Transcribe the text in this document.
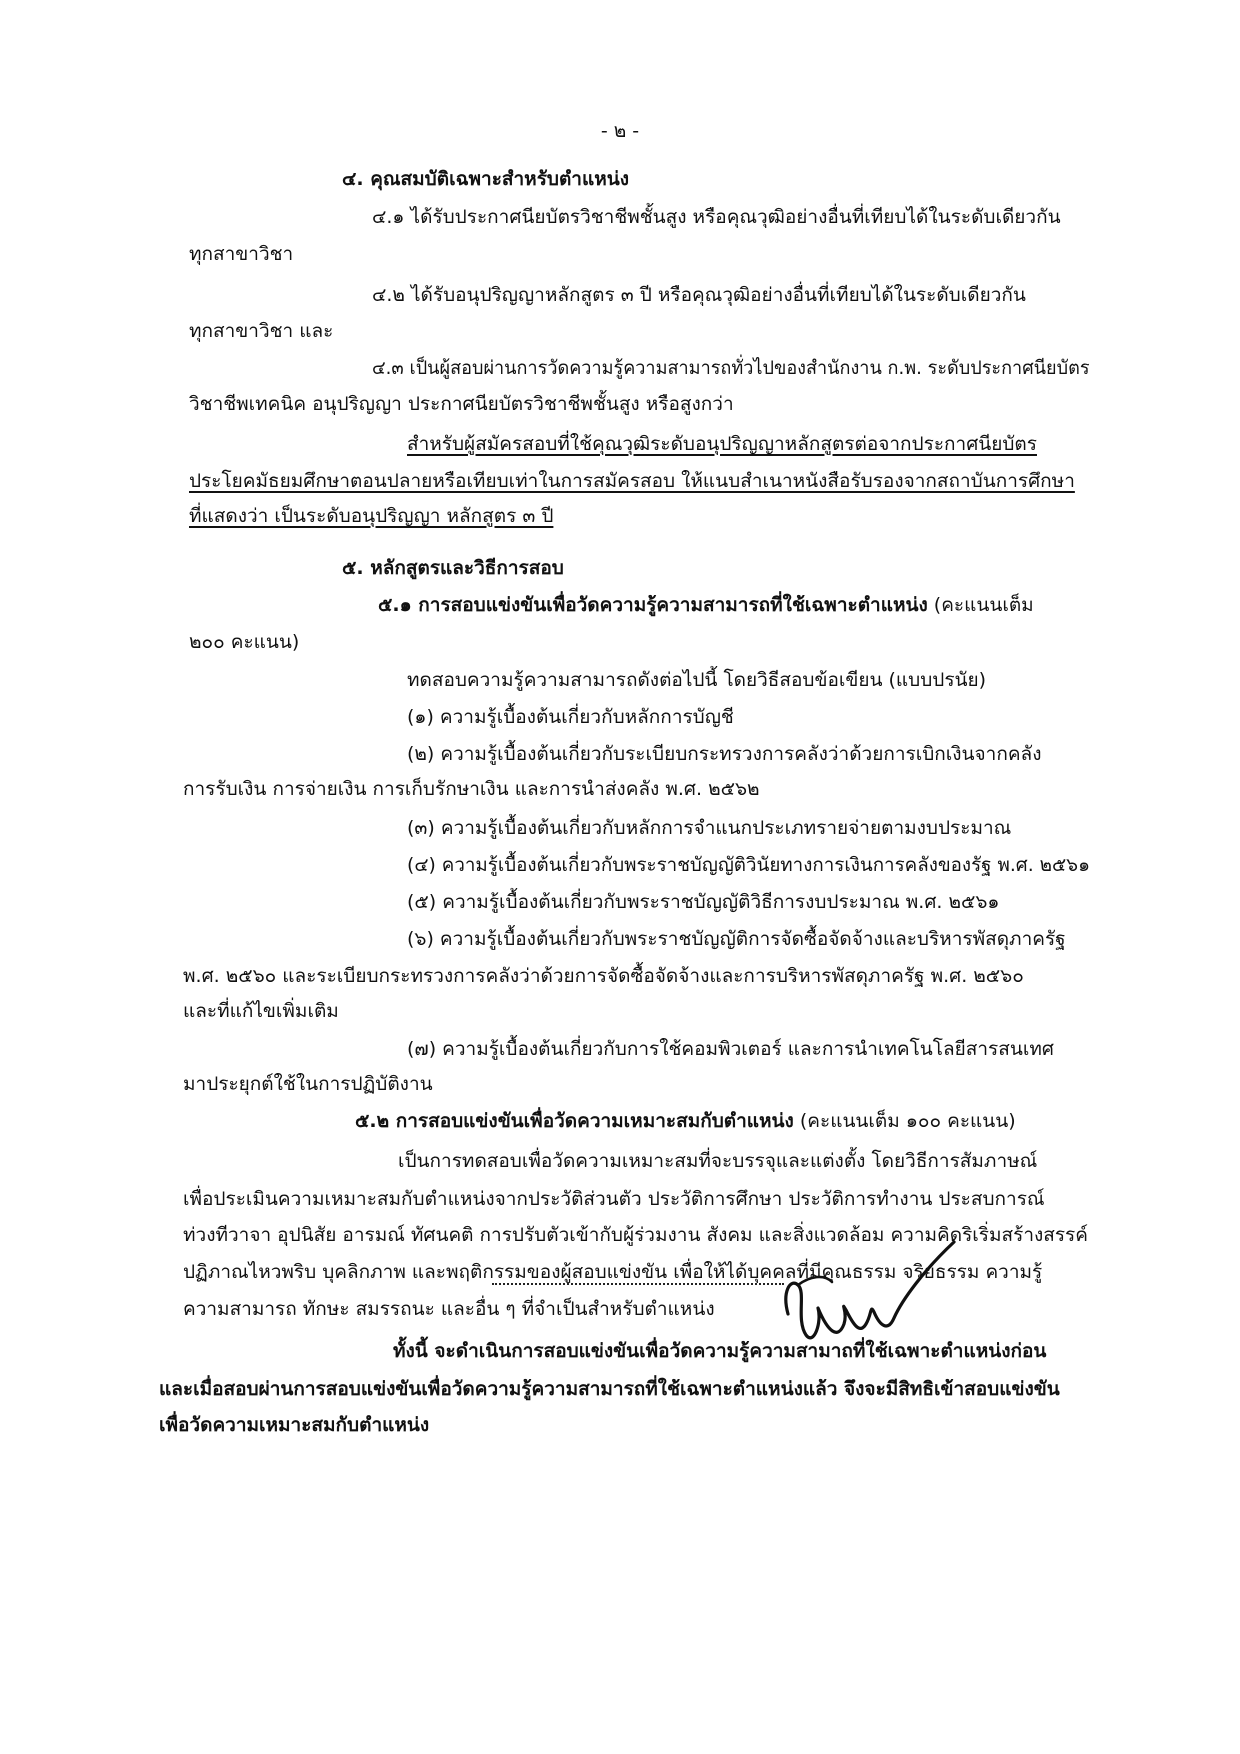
- ๒ -
๔. คุณสมบัติเฉพาะสำหรับตำแหน่ง
๔.๑ ได้รับประกาศนียบัตรวิชาชีพชั้นสูง หรือคุณวุฒิอย่างอื่นที่เทียบได้ในระดับเดียวกัน
ทุกสาขาวิชา
๔.๒ ได้รับอนุปริญญาหลักสูตร ๓ ปี หรือคุณวุฒิอย่างอื่นที่เทียบได้ในระดับเดียวกัน
ทุกสาขาวิชา และ
๔.๓ เป็นผู้สอบผ่านการวัดความรู้ความสามารถทั่วไปของสำนักงาน ก.พ. ระดับประกาศนียบัตร
วิชาชีพเทคนิค อนุปริญญา ประกาศนียบัตรวิชาชีพชั้นสูง หรือสูงกว่า
สำหรับผู้สมัครสอบที่ใช้คุณวุฒิระดับอนุปริญญาหลักสูตรต่อจากประกาศนียบัตร
ประโยคมัธยมศึกษาตอนปลายหรือเทียบเท่าในการสมัครสอบ ให้แนบสำเนาหนังสือรับรองจากสถาบันการศึกษา
ที่แสดงว่า เป็นระดับอนุปริญญา หลักสูตร ๓ ปี
๕. หลักสูตรและวิธีการสอบ
๕.๑ การสอบแข่งขันเพื่อวัดความรู้ความสามารถที่ใช้เฉพาะตำแหน่ง (คะแนนเต็ม
๒๐๐ คะแนน)
ทดสอบความรู้ความสามารถดังต่อไปนี้ โดยวิธีสอบข้อเขียน (แบบปรนัย)
(๑) ความรู้เบื้องต้นเกี่ยวกับหลักการบัญชี
(๒) ความรู้เบื้องต้นเกี่ยวกับระเบียบกระทรวงการคลังว่าด้วยการเบิกเงินจากคลัง
การรับเงิน การจ่ายเงิน การเก็บรักษาเงิน และการนำส่งคลัง พ.ศ. ๒๕๖๒
(๓) ความรู้เบื้องต้นเกี่ยวกับหลักการจำแนกประเภทรายจ่ายตามงบประมาณ
(๔) ความรู้เบื้องต้นเกี่ยวกับพระราชบัญญัติวินัยทางการเงินการคลังของรัฐ พ.ศ. ๒๕๖๑
(๕) ความรู้เบื้องต้นเกี่ยวกับพระราชบัญญัติวิธีการงบประมาณ พ.ศ. ๒๕๖๑
(๖) ความรู้เบื้องต้นเกี่ยวกับพระราชบัญญัติการจัดซื้อจัดจ้างและบริหารพัสดุภาครัฐ
พ.ศ. ๒๕๖๐ และระเบียบกระทรวงการคลังว่าด้วยการจัดซื้อจัดจ้างและการบริหารพัสดุภาครัฐ พ.ศ. ๒๕๖๐
และที่แก้ไขเพิ่มเติม
(๗) ความรู้เบื้องต้นเกี่ยวกับการใช้คอมพิวเตอร์ และการนำเทคโนโลยีสารสนเทศ
มาประยุกต์ใช้ในการปฏิบัติงาน
๕.๒ การสอบแข่งขันเพื่อวัดความเหมาะสมกับตำแหน่ง (คะแนนเต็ม ๑๐๐ คะแนน)
เป็นการทดสอบเพื่อวัดความเหมาะสมที่จะบรรจุและแต่งตั้ง โดยวิธีการสัมภาษณ์
เพื่อประเมินความเหมาะสมกับตำแหน่งจากประวัติส่วนตัว ประวัติการศึกษา ประวัติการทำงาน ประสบการณ์
ท่วงทีวาจา อุปนิสัย อารมณ์ ทัศนคติ การปรับตัวเข้ากับผู้ร่วมงาน สังคม และสิ่งแวดล้อม ความคิดริเริ่มสร้างสรรค์
ปฏิภาณไหวพริบ บุคลิกภาพ และพฤติกรรมของผู้สอบแข่งขัน เพื่อให้ได้บุคคลที่มีคุณธรรม จริยธรรม ความรู้
ความสามารถ ทักษะ สมรรถนะ และอื่น ๆ ที่จำเป็นสำหรับตำแหน่ง
ทั้งนี้ จะดำเนินการสอบแข่งขันเพื่อวัดความรู้ความสามาถที่ใช้เฉพาะตำแหน่งก่อน
และเมื่อสอบผ่านการสอบแข่งขันเพื่อวัดความรู้ความสามารถที่ใช้เฉพาะตำแหน่งแล้ว จึงจะมีสิทธิเข้าสอบแข่งขัน
เพื่อวัดความเหมาะสมกับตำแหน่ง
